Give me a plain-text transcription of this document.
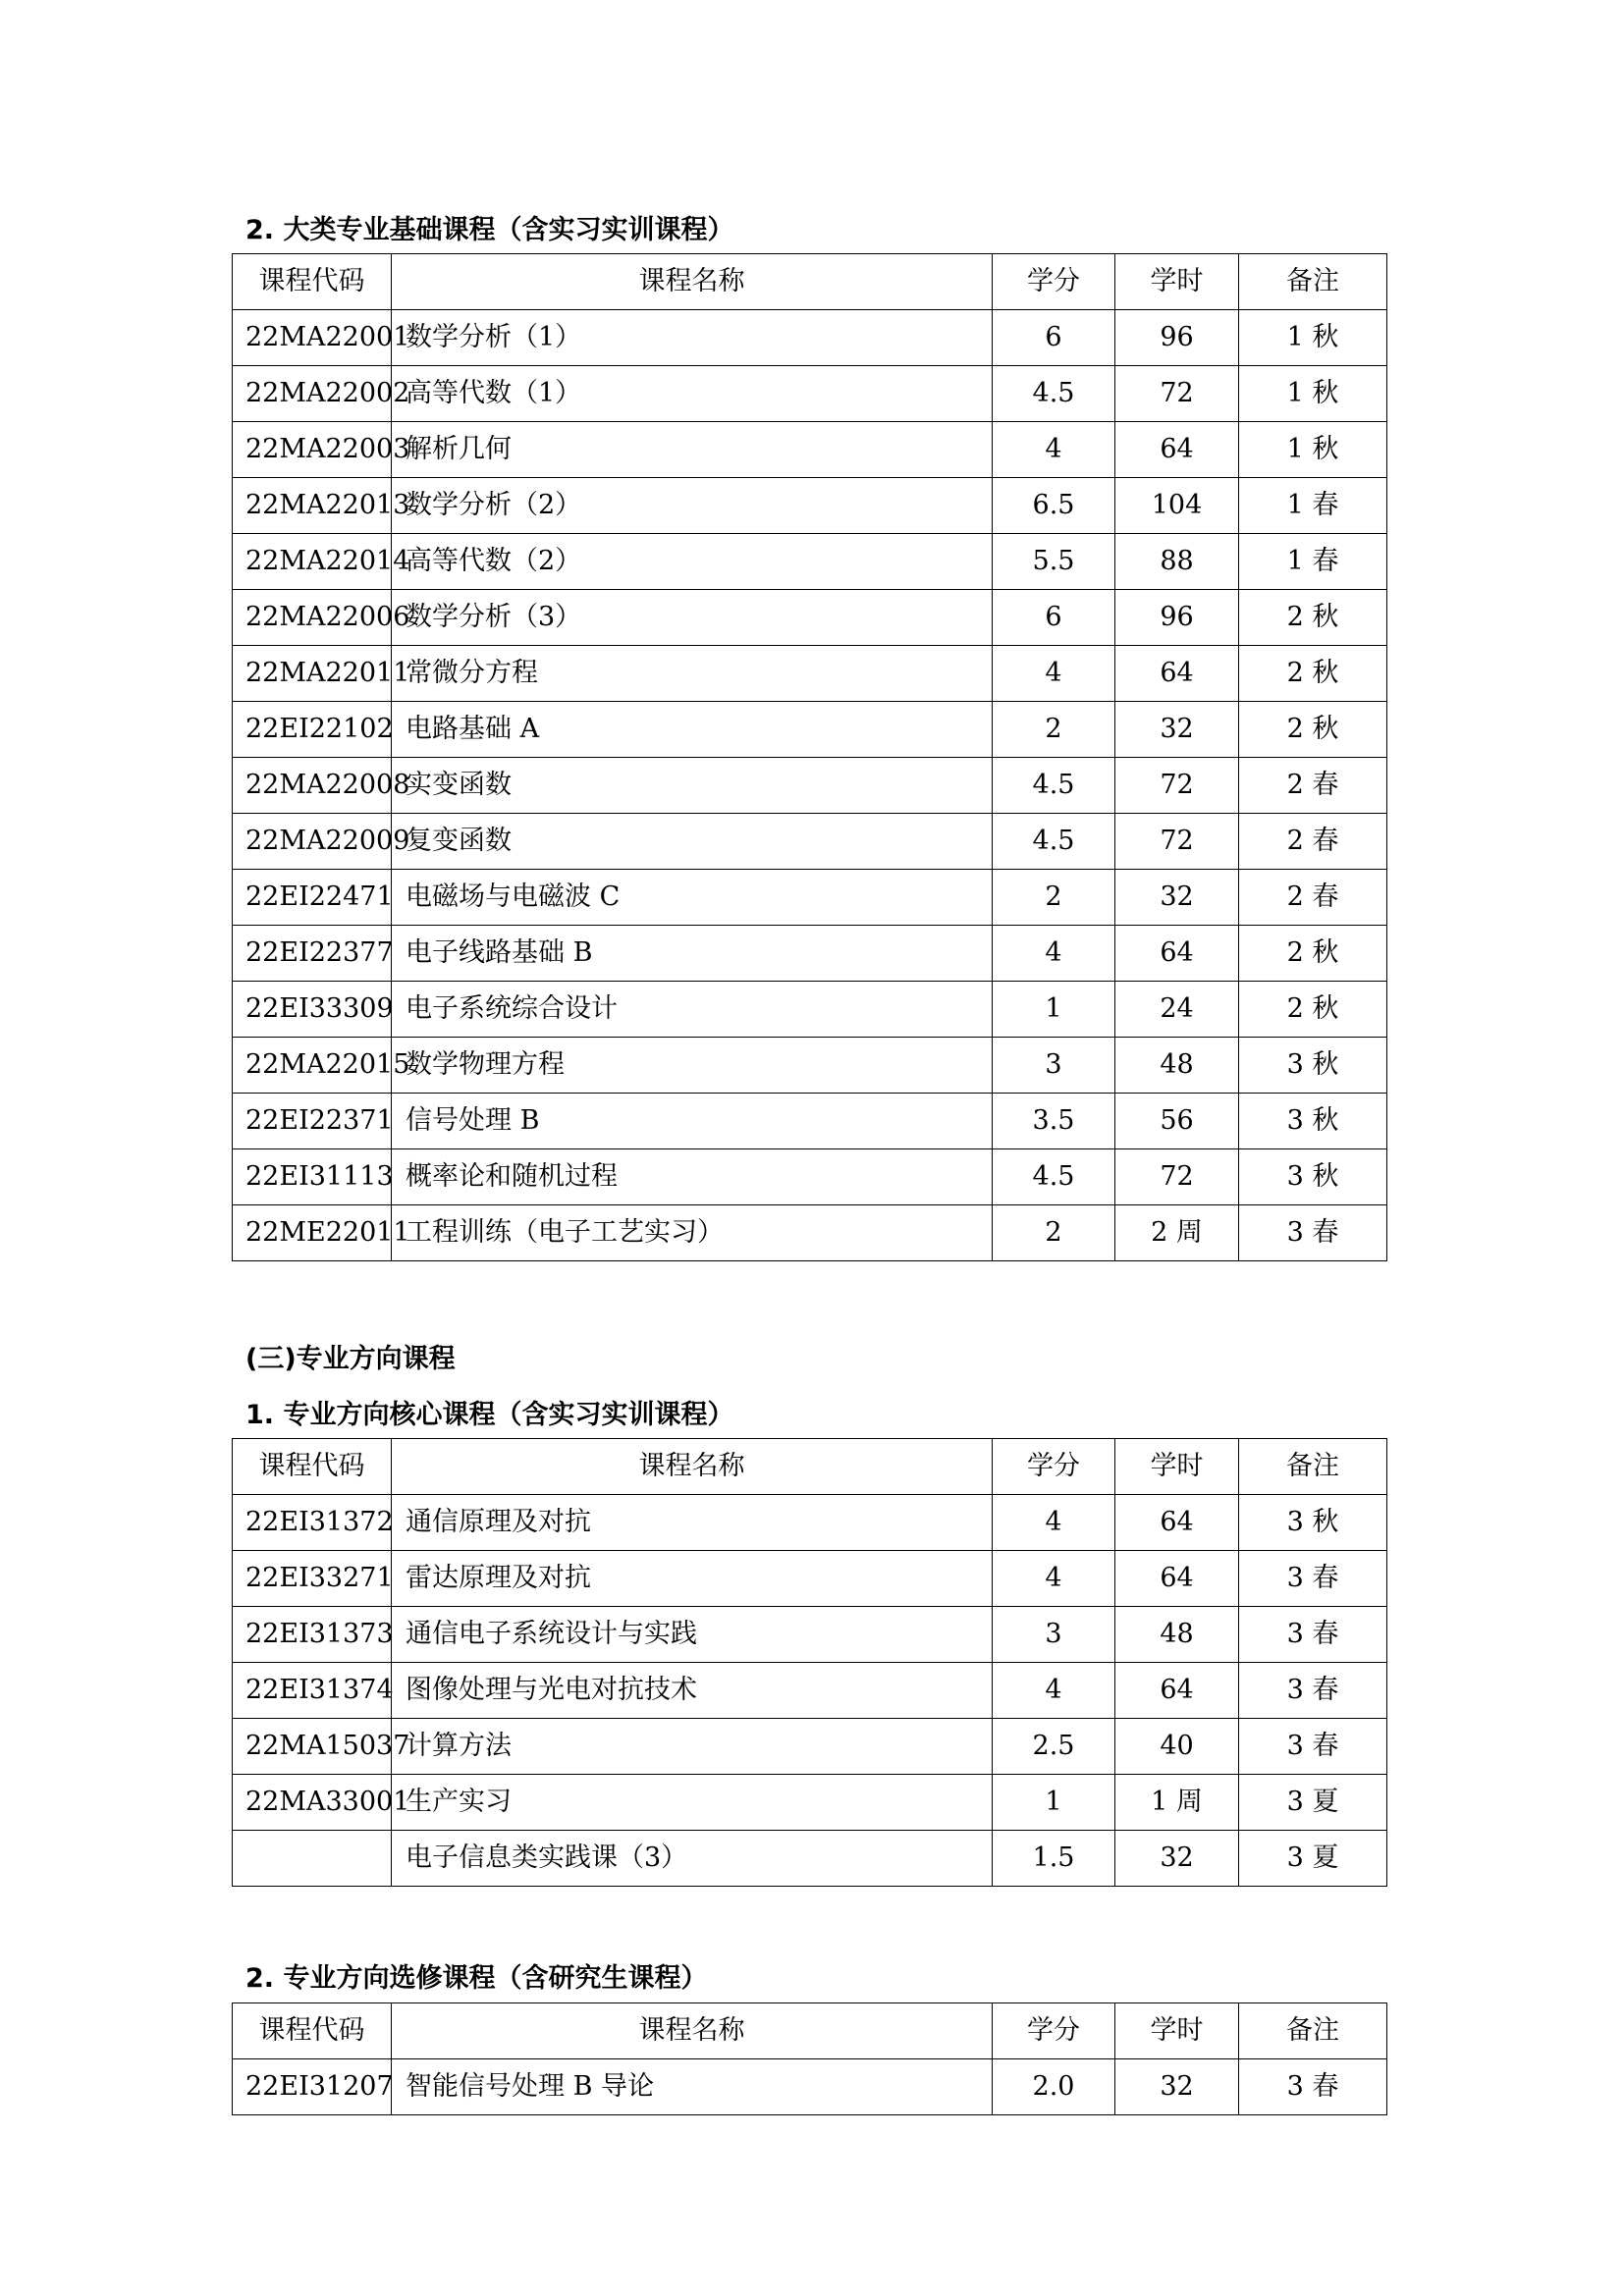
2. 大类专业基础课程（含实习实训课程）
课程代码	课程名称	学分	学时	备注
22MA22001	数学分析（1）	6	96	1 秋
22MA22002	高等代数（1）	4.5	72	1 秋
22MA22003	解析几何	4	64	1 秋
22MA22013	数学分析（2）	6.5	104	1 春
22MA22014	高等代数（2）	5.5	88	1 春
22MA22006	数学分析（3）	6	96	2 秋
22MA22011	常微分方程	4	64	2 秋
22EI22102	电路基础 A	2	32	2 秋
22MA22008	实变函数	4.5	72	2 春
22MA22009	复变函数	4.5	72	2 春
22EI22471	电磁场与电磁波 C	2	32	2 春
22EI22377	电子线路基础 B	4	64	2 秋
22EI33309	电子系统综合设计	1	24	2 秋
22MA22015	数学物理方程	3	48	3 秋
22EI22371	信号处理 B	3.5	56	3 秋
22EI31113	概率论和随机过程	4.5	72	3 秋
22ME22011	工程训练（电子工艺实习）	2	2 周	3 春
(三)专业方向课程
1. 专业方向核心课程（含实习实训课程）
课程代码	课程名称	学分	学时	备注
22EI31372	通信原理及对抗	4	64	3 秋
22EI33271	雷达原理及对抗	4	64	3 春
22EI31373	通信电子系统设计与实践	3	48	3 春
22EI31374	图像处理与光电对抗技术	4	64	3 春
22MA15037	计算方法	2.5	40	3 春
22MA33001	生产实习	1	1 周	3 夏
	电子信息类实践课（3）	1.5	32	3 夏
2. 专业方向选修课程（含研究生课程）
课程代码	课程名称	学分	学时	备注
22EI31207	智能信号处理 B 导论	2.0	32	3 春
